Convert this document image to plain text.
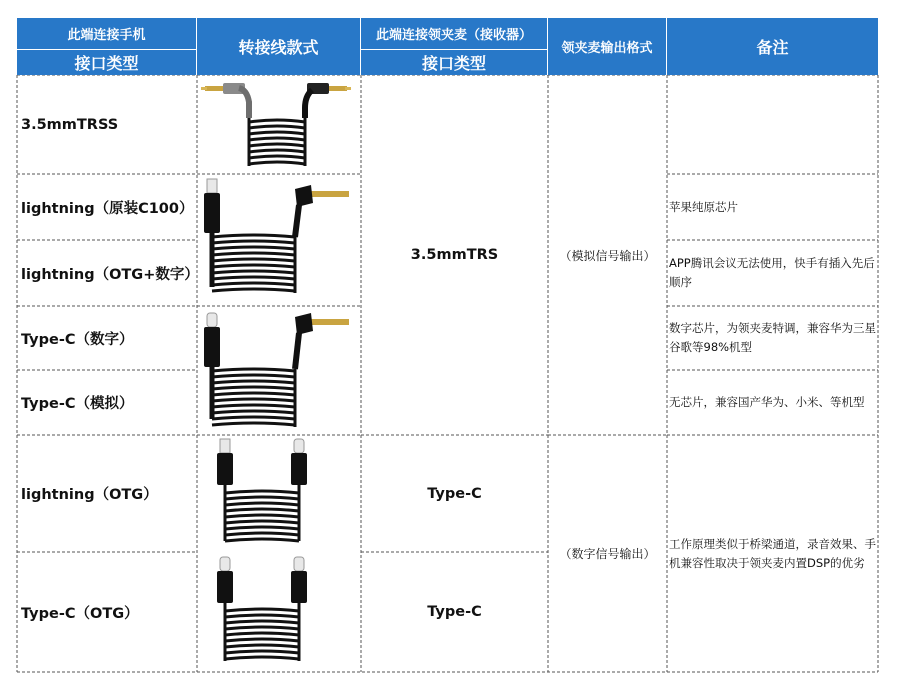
此端连接手机
接口类型
转接线款式
此端连接领夹麦（接收器）
接口类型
领夹麦输出格式	备注
3.5mmTRSS
lightning（原装C100）
lightning（OTG+数字）
Type-C（数字）
Type-C（模拟）
lightning（OTG）
Type-C（OTG）
3.5mmTRS
Type-C
Type-C
（模拟信号输出）
（数字信号输出）
苹果纯原芯片
APP腾讯会议无法使用，快手有插入先后顺序
数字芯片，为领夹麦特调，兼容华为三星谷歌等98%机型
无芯片，兼容国产华为、小米、等机型
工作原理类似于桥梁通道，录音效果、手机兼容性取决于领夹麦内置DSP的优劣
